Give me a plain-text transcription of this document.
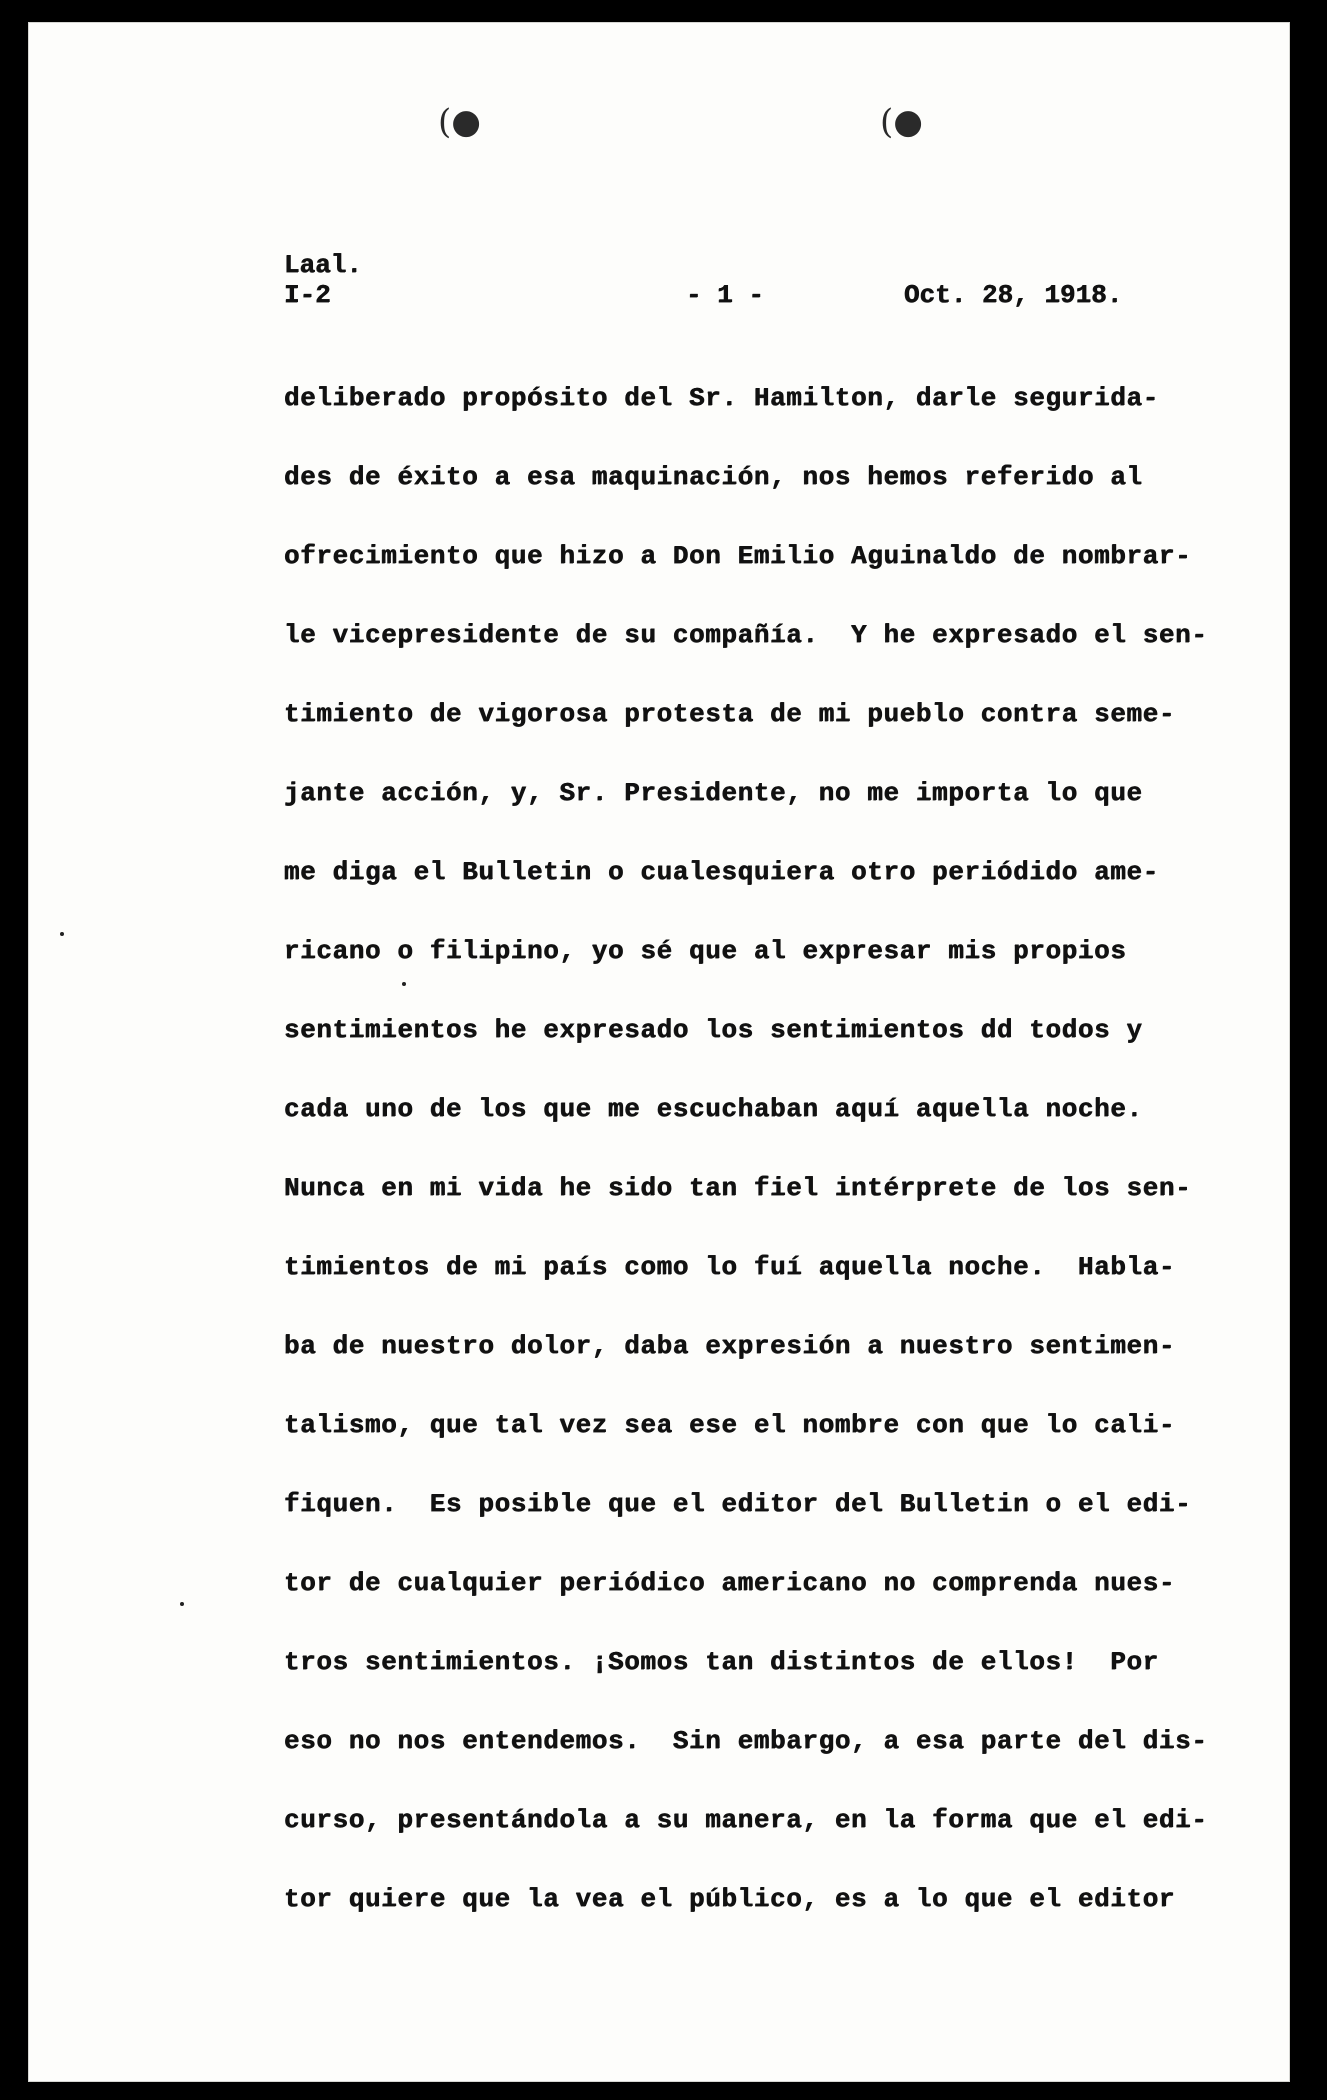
(●	(●
Laal.
I-2	- 1 -	Oct. 28, 1918.
deliberado propósito del Sr. Hamilton, darle segurida-
des de éxito a esa maquinación, nos hemos referido al
ofrecimiento que hizo a Don Emilio Aguinaldo de nombrar-
le vicepresidente de su compañía.  Y he expresado el sen-
timiento de vigorosa protesta de mi pueblo contra seme-
jante acción, y, Sr. Presidente, no me importa lo que
me diga el Bulletin o cualesquiera otro periódido ame-
ricano o filipino, yo sé que al expresar mis propios
sentimientos he expresado los sentimientos dd todos y
cada uno de los que me escuchaban aquí aquella noche.
Nunca en mi vida he sido tan fiel intérprete de los sen-
timientos de mi país como lo fuí aquella noche.  Habla-
ba de nuestro dolor, daba expresión a nuestro sentimen-
talismo, que tal vez sea ese el nombre con que lo cali-
fiquen.  Es posible que el editor del Bulletin o el edi-
tor de cualquier periódico americano no comprenda nues-
tros sentimientos. ¡Somos tan distintos de ellos!  Por
eso no nos entendemos.  Sin embargo, a esa parte del dis-
curso, presentándola a su manera, en la forma que el edi-
tor quiere que la vea el público, es a lo que el editor
